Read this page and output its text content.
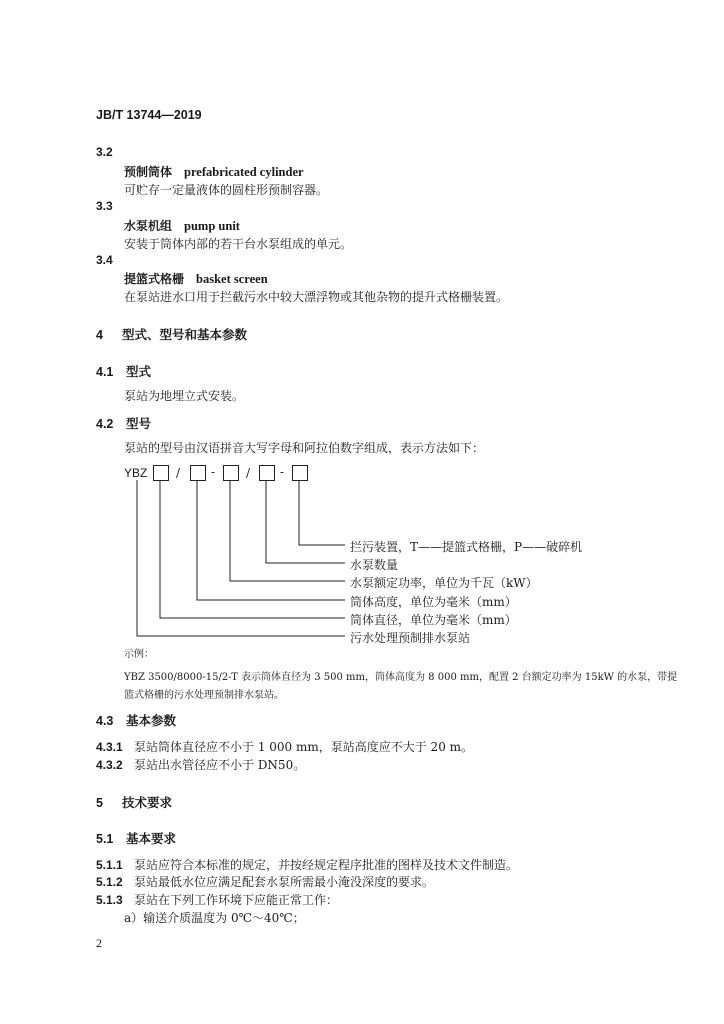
JB/T 13744—2019
3.2
预制筒体 prefabricated cylinder
可贮存一定量液体的圆柱形预制容器。
3.3
水泵机组 pump unit
安装于筒体内部的若干台水泵组成的单元。
3.4
提篮式格栅 basket screen
在泵站进水口用于拦截污水中较大漂浮物或其他杂物的提升式格栅装置。
4 型式、型号和基本参数
4.1 型式
泵站为地埋立式安装。
4.2 型号
泵站的型号由汉语拼音大写字母和阿拉伯数字组成，表示方法如下：
YBZ /	-	/ -
拦污装置，T——提篮式格栅，P——破碎机
水泵数量
水泵额定功率，单位为千瓦（kW）
筒体高度，单位为毫米（mm）
筒体直径，单位为毫米（mm）
污水处理预制排水泵站
示例：
YBZ 3500/8000-15/2-T 表示筒体直径为 3 500 mm，筒体高度为 8 000 mm，配置 2 台额定功率为 15kW 的水泵，带提
篮式格栅的污水处理预制排水泵站。
4.3 基本参数
4.3.1 泵站筒体直径应不小于 1 000 mm，泵站高度应不大于 20 m。
4.3.2 泵站出水管径应不小于 DN50。
5 技术要求
5.1 基本要求
5.1.1 泵站应符合本标准的规定，并按经规定程序批准的图样及技术文件制造。
5.1.2 泵站最低水位应满足配套水泵所需最小淹没深度的要求。
5.1.3 泵站在下列工作环境下应能正常工作：
a）输送介质温度为 0℃～40℃；
2
